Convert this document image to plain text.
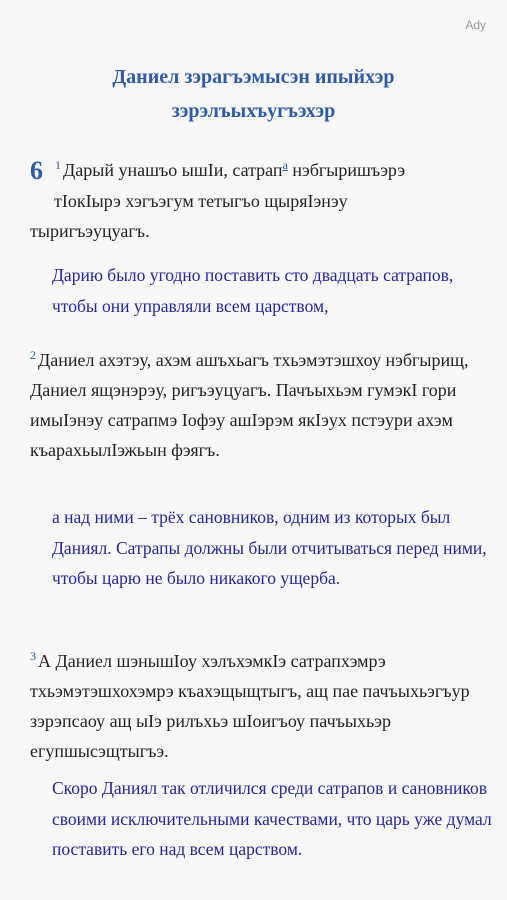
Ady
Даниел зэрагъэмысэн ипыйхэр
зэрэлъыхъугъэхэр
6 $^1$ Дарый унашъо ышIи, сатрап$^a$ нэбгыришъэрэ
тIокIырэ хэгъэгум тетыгъо щыряIэнэу
тыригъэуцуагъ.
Дарию было угодно поставить сто двадцать сатрапов, чтобы они управляли всем царством,
$^2$ Даниел ахэтэу, ахэм ашъхьагъ тхьэмэтэшхоу нэбгырищ, Даниел ящэнэрэу, ригъэуцуагъ. Пачъыхьэм гумэкI гори имыIэнэу сатрапмэ Iофэу ашIэрэм якIэух пстэури ахэм къарахьылIэжьын фэягъ.
а над ними – трёх сановников, одним из которых был Даниял. Сатрапы должны были отчитываться перед ними, чтобы царю не было никакого ущерба.
$^3$ А Даниел шэнышIоу хэлъхэмкIэ сатрапхэмрэ тхьэмэтэшхохэмрэ къахэщыщтыгъ, ащ пае пачъыхьэгъур зэрэпсаоу ащ ыIэ рилъхьэ шIоигъоу пачъыхьэр егупшысэщтыгъэ.
Скоро Даниял так отличился среди сатрапов и сановников своими исключительными качествами, что царь уже думал поставить его над всем царством.
